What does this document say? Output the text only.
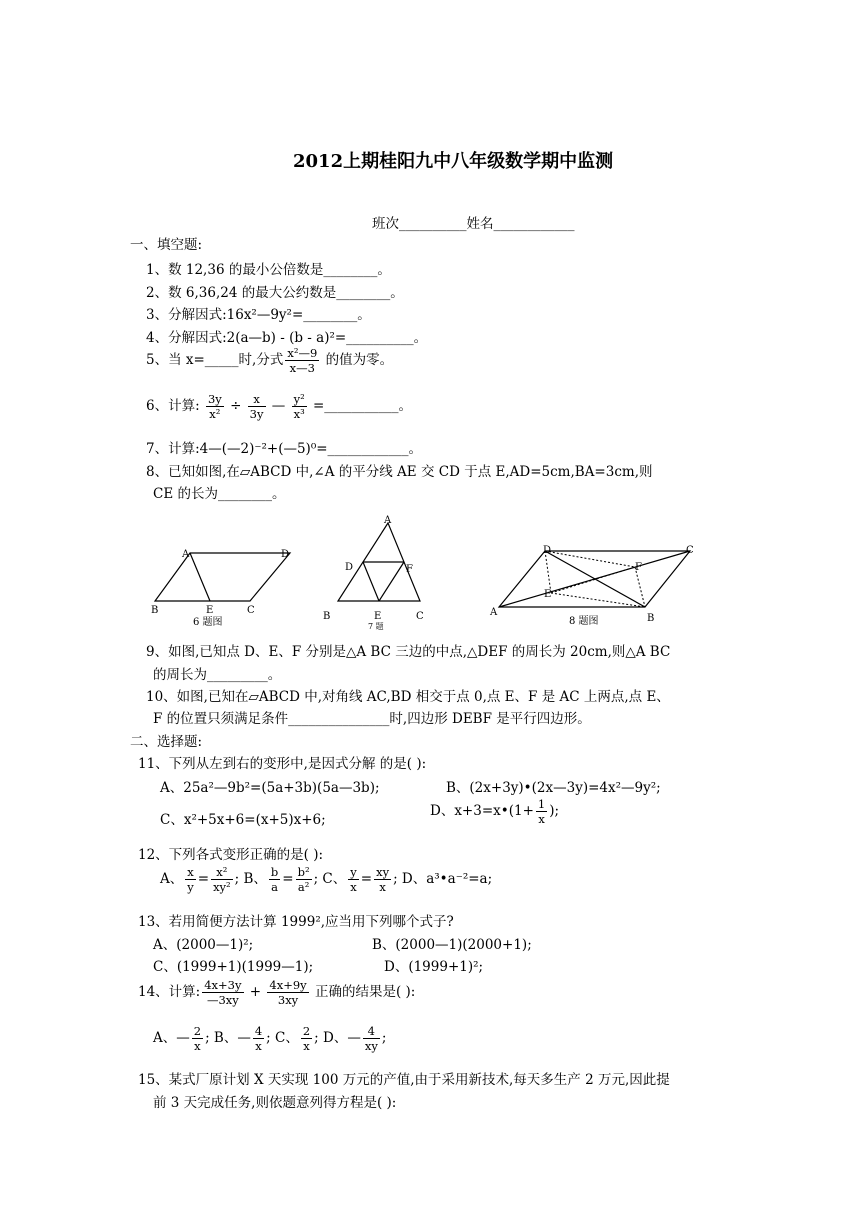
2012上期桂阳九中八年级数学期中监测
班次__________姓名____________
一、填空题:
1、数 12,36 的最小公倍数是________。
2、数 6,36,24 的最大公约数是________。
3、分解因式:16x²—9y²=________。
4、分解因式:2(a—b) - (b - a)²=__________。
5、当 x=_____时,分式 $\frac{\text{x²—9}}{x—3}$ 的值为零。
6、计算: $\frac{3y}{\text{x²}} \div \frac{x}{3y}$ — $\frac{\text{y²}}{\text{x³}}$ =___________。
7、计算:4—(—2)⁻²+(—5)⁰=____________。
8、已知如图,在▱ABCD 中,∠A 的平分线 AE 交 CD 于点 E,AD=5cm,BA=3cm,则
CE 的长为________。
A	D
B	E	C
6 题图
A
D	F
B	E	C
7 题
D	C
F
E
A
B
8 题图
9、如图,已知点 D、E、F 分别是△A BC 三边的中点,△DEF 的周长为 20cm,则△A BC
的周长为_________。
10、如图,已知在▱ABCD 中,对角线 AC,BD 相交于点 0,点 E、F 是 AC 上两点,点 E、
F 的位置只须满足条件_______________时,四边形 DEBF 是平行四边形。
二、选择题:
11、下列从左到右的变形中,是因式分解 的是( ):
A、25a²—9b²=(5a+3b)(5a—3b);	B、(2x+3y)•(2x—3y)=4x²—9y²;
C、x²+5x+6=(x+5)x+6;
D、x+3=x•(1+ $\frac{1}{x}$ );
12、下列各式变形正确的是( ):
A、 $\frac{x}{y} = \frac{\text{x²}}{\text{xy²}}$ ; B、 $\frac{b}{a} = \frac{\text{b²}}{\text{a²}}$ ; C、 $\frac{y}{x} = \frac{xy}{x}$ ; D、a³•a⁻²=a;
13、若用简便方法计算 1999²,应当用下列哪个式子?
A、(2000—1)²;	B、(2000—1)(2000+1);
C、(1999+1)(1999—1);	D、(1999+1)²;
14、计算: $\frac{4x+3y}{—3xy} + \frac{4x+9y}{3xy}$ 正确的结果是( ):
A、— $\frac{2}{x}$ ; B、— $\frac{4}{x}$ ; C、 $\frac{2}{x}$ ; D、— $\frac{4}{xy}$ ;
15、某式厂原计划 X 天实现 100 万元的产值,由于采用新技术,每天多生产 2 万元,因此提
前 3 天完成任务,则依题意列得方程是( ):
